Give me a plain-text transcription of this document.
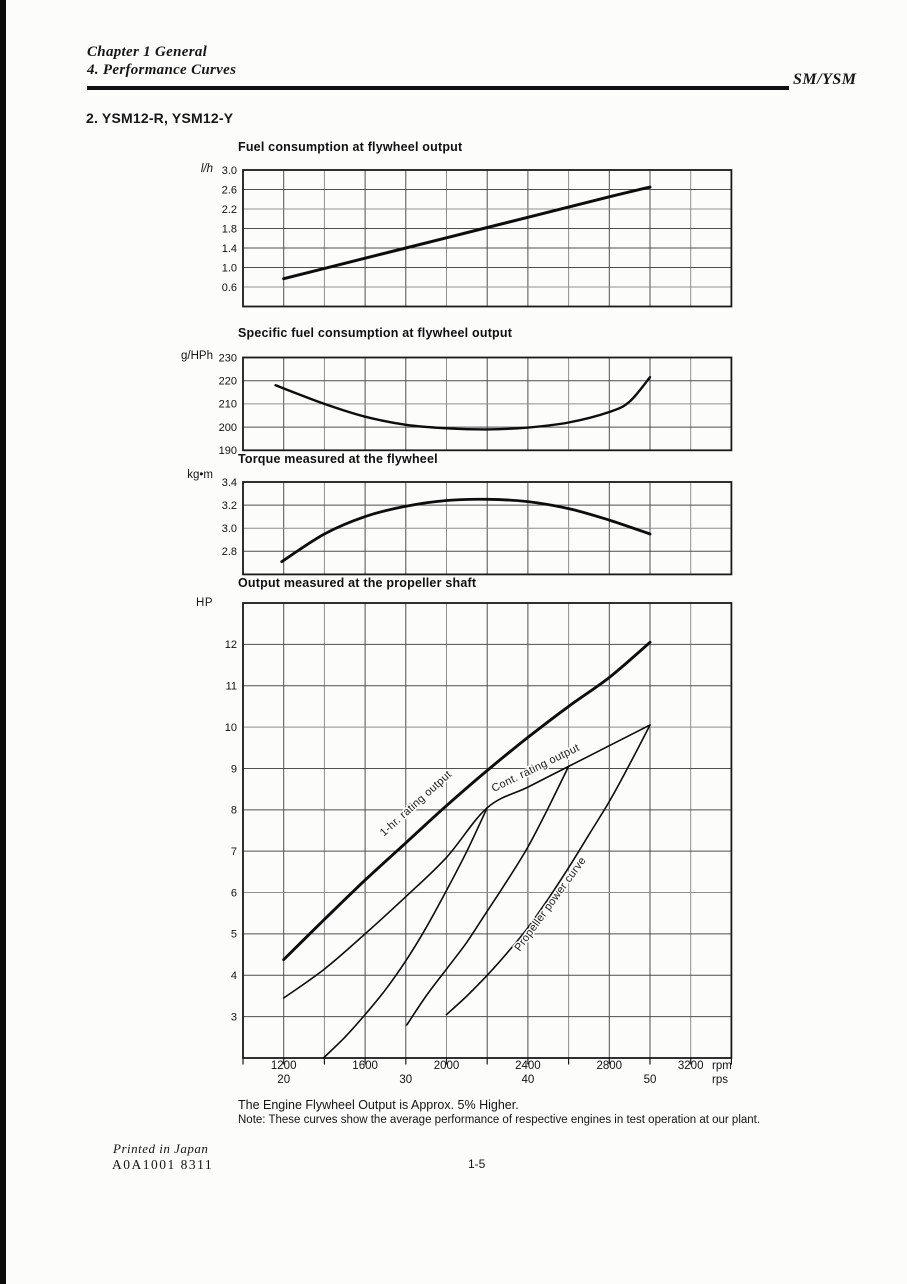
Chapter 1 General
4. Performance Curves
SM/YSM
2. YSM12-R, YSM12-Y
Fuel consumption at flywheel output
Specific fuel consumption at flywheel output
Torque measured at the flywheel
Output measured at the propeller shaft
l/h
g/HPh
kg•m
HP
3.0
2.6
2.2
1.8
1.4
1.0
0.6
230
220
210
200
190
3.4
3.2
3.0
2.8
12
11
10
9
8
7
6
5
4
3
1200	1600	2000	2400	2800	3200 rpm
20	30	40	50	rps
1-hr. rating output
Cont. rating output
Propeller power curve
The Engine Flywheel Output is Approx. 5% Higher.
Note: These curves show the average performance of respective engines in test operation at our plant.
Printed in Japan
A0A1001 8311	1-5
